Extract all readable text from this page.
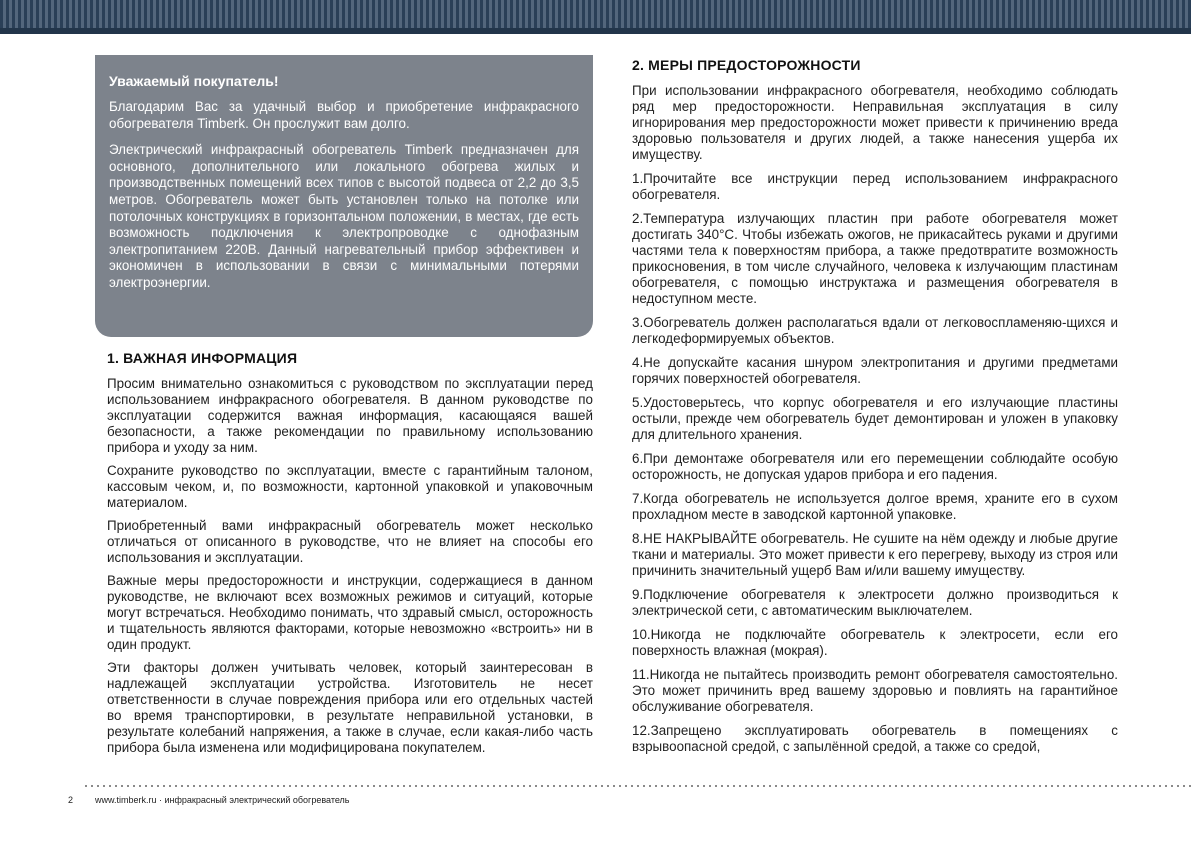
Уважаемый покупатель!

Благодарим Вас за удачный выбор и приобретение инфракрасного обогревателя Timberk. Он прослужит вам долго.

Электрический инфракрасный обогреватель Timberk предназначен для основного, дополнительного или локального обогрева жилых и производственных помещений всех типов с высотой подвеса от 2,2 до 3,5 метров. Обогреватель может быть установлен только на потолке или потолочных конструкциях в горизонтальном положении, в местах, где есть возможность подключения к электропроводке с однофазным электропитанием 220В. Данный нагревательный прибор эффективен и экономичен в использовании в связи с минимальными потерями электроэнергии.

1. ВАЖНАЯ ИНФОРМАЦИЯ

Просим внимательно ознакомиться с руководством по эксплуатации перед использованием инфракрасного обогревателя. В данном руководстве по эксплуатации содержится важная информация, касающаяся вашей безопасности, а также рекомендации по правильному использованию прибора и уходу за ним.

Сохраните руководство по эксплуатации, вместе с гарантийным талоном, кассовым чеком, и, по возможности, картонной упаковкой и упаковочным материалом.

Приобретенный вами инфракрасный обогреватель может несколько отличаться от описанного в руководстве, что не влияет на способы его использования и эксплуатации.

Важные меры предосторожности и инструкции, содержащиеся в данном руководстве, не включают всех возможных режимов и ситуаций, которые могут встречаться. Необходимо понимать, что здравый смысл, осторожность и тщательность являются факторами, которые невозможно «встроить» ни в один продукт.

Эти факторы должен учитывать человек, который заинтересован в надлежащей эксплуатации устройства. Изготовитель не несет ответственности в случае повреждения прибора или его отдельных частей во время транспортировки, в результате неправильной установки, в результате колебаний напряжения, а также в случае, если какая-либо часть прибора была изменена или модифицирована покупателем.

2. МЕРЫ ПРЕДОСТОРОЖНОСТИ

При использовании инфракрасного обогревателя, необходимо соблюдать ряд мер предосторожности. Неправильная эксплуатация в силу игнорирования мер предосторожности может привести к причинению вреда здоровью пользователя и других людей, а также нанесения ущерба их имуществу.

1.Прочитайте все инструкции перед использованием инфракрасного обогревателя.

2.Температура излучающих пластин при работе обогревателя может достигать 340°С. Чтобы избежать ожогов, не прикасайтесь руками и другими частями тела к поверхностям прибора, а также предотвратите возможность прикосновения, в том числе случайного, человека к излучающим пластинам обогревателя, с помощью инструктажа и размещения обогревателя в недоступном месте.

3.Обогреватель должен располагаться вдали от легковоспламеняю-щихся и легкодеформируемых объектов.

4.Не допускайте касания шнуром электропитания и другими предметами горячих поверхностей обогревателя.

5.Удостоверьтесь, что корпус обогревателя и его излучающие пластины остыли, прежде чем обогреватель будет демонтирован и уложен в упаковку для длительного хранения.

6.При демонтаже обогревателя или его перемещении соблюдайте особую осторожность, не допуская ударов прибора и его падения.

7.Когда обогреватель не используется долгое время, храните его в сухом прохладном месте в заводской картонной упаковке.

8.НЕ НАКРЫВАЙТЕ обогреватель. Не сушите на нём одежду и любые другие ткани и материалы. Это может привести к его перегреву, выходу из строя или причинить значительный ущерб Вам и/или вашему имуществу.

9.Подключение обогревателя к электросети должно производиться к электрической сети, с автоматическим выключателем.

10.Никогда не подключайте обогреватель к электросети, если его поверхность влажная (мокрая).

11.Никогда не пытайтесь производить ремонт обогревателя самостоятельно. Это может причинить вред вашему здоровью и повлиять на гарантийное обслуживание обогревателя.

12.Запрещено эксплуатировать обогреватель в помещениях с взрывоопасной средой, с запылённой средой, а также со средой,

2 www.timberk.ru · инфракрасный электрический обогреватель
